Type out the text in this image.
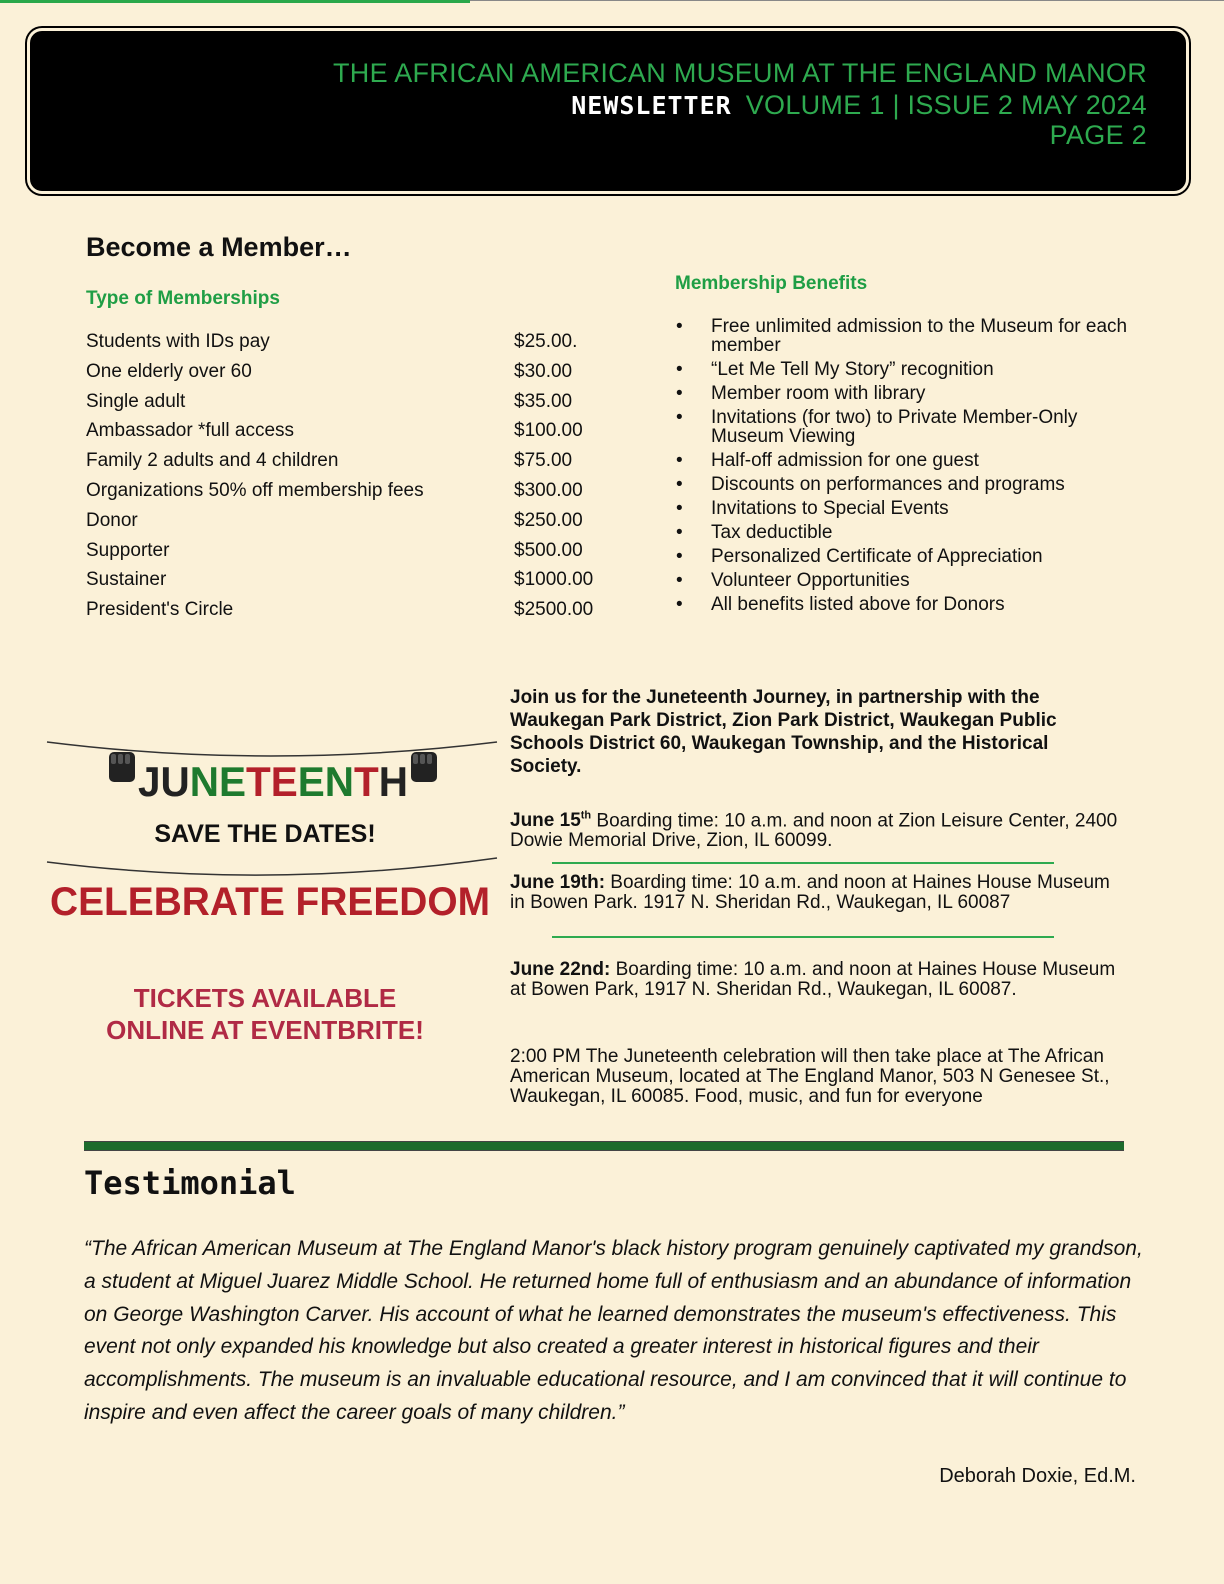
THE AFRICAN AMERICAN MUSEUM AT THE ENGLAND MANOR
NEWSLETTER VOLUME 1 | ISSUE 2 MAY 2024
PAGE 2
Become a Member…
Type of Memberships
Membership Benefits
Students with IDs pay	$25.00.
One elderly over 60	$30.00
Single adult	$35.00
Ambassador *full access	$100.00
Family 2 adults and 4 children	$75.00
Organizations 50% off membership fees	$300.00
Donor	$250.00
Supporter	$500.00
Sustainer	$1000.00
President's Circle	$2500.00
• Free unlimited admission to the Museum for each member
• “Let Me Tell My Story” recognition
• Member room with library
• Invitations (for two) to Private Member-Only Museum Viewing
• Half-off admission for one guest
• Discounts on performances and programs
• Invitations to Special Events
• Tax deductible
• Personalized Certificate of Appreciation
• Volunteer Opportunities
• All benefits listed above for Donors
JUNETEENTH
CELEBRATE FREEDOM
SAVE THE DATES!
TICKETS AVAILABLE
ONLINE AT EVENTBRITE!
Join us for the Juneteenth Journey, in partnership with the Waukegan Park District, Zion Park District, Waukegan Public Schools District 60, Waukegan Township, and the Historical Society.
June 15th Boarding time: 10 a.m. and noon at Zion Leisure Center, 2400 Dowie Memorial Drive, Zion, IL 60099.
June 19th: Boarding time: 10 a.m. and noon at Haines House Museum in Bowen Park. 1917 N. Sheridan Rd., Waukegan, IL 60087
June 22nd: Boarding time: 10 a.m. and noon at Haines House Museum at Bowen Park, 1917 N. Sheridan Rd., Waukegan, IL 60087.
2:00 PM The Juneteenth celebration will then take place at The African American Museum, located at The England Manor, 503 N Genesee St., Waukegan, IL 60085. Food, music, and fun for everyone
Testimonial
“The African American Museum at The England Manor's black history program genuinely captivated my grandson, a student at Miguel Juarez Middle School. He returned home full of enthusiasm and an abundance of information on George Washington Carver. His account of what he learned demonstrates the museum's effectiveness. This event not only expanded his knowledge but also created a greater interest in historical figures and their accomplishments. The museum is an invaluable educational resource, and I am convinced that it will continue to inspire and even affect the career goals of many children.”
Deborah Doxie, Ed.M.
